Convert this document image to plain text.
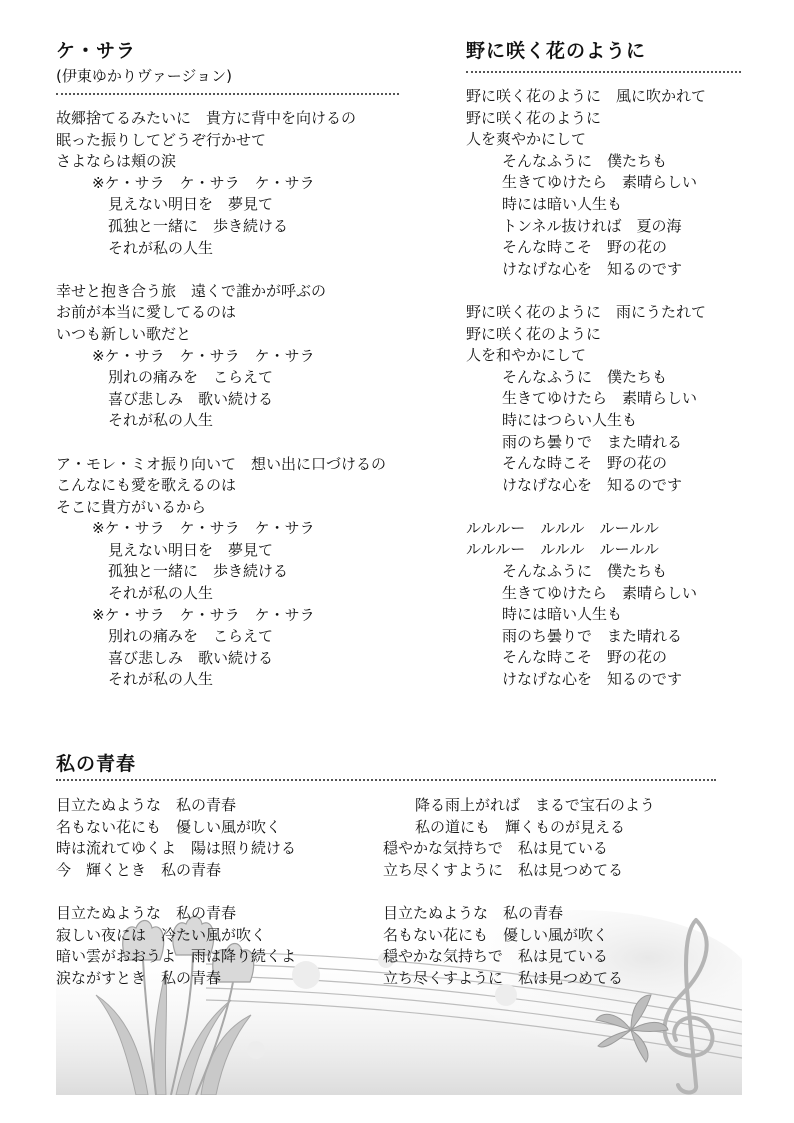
ケ・サラ
(伊東ゆかりヴァージョン)
故郷捨てるみたいに　貴方に背中を向けるの
眠った振りしてどうぞ行かせて
さよならは頬の涙
※ケ・サラ　ケ・サラ　ケ・サラ
見えない明日を　夢見て
孤独と一緒に　歩き続ける
それが私の人生
幸せと抱き合う旅　遠くで誰かが呼ぶの
お前が本当に愛してるのは
いつも新しい歌だと
※ケ・サラ　ケ・サラ　ケ・サラ
別れの痛みを　こらえて
喜び悲しみ　歌い続ける
それが私の人生
ア・モレ・ミオ振り向いて　想い出に口づけるの
こんなにも愛を歌えるのは
そこに貴方がいるから
※ケ・サラ　ケ・サラ　ケ・サラ
見えない明日を　夢見て
孤独と一緒に　歩き続ける
それが私の人生
※ケ・サラ　ケ・サラ　ケ・サラ
別れの痛みを　こらえて
喜び悲しみ　歌い続ける
それが私の人生
野に咲く花のように
野に咲く花のように　風に吹かれて
野に咲く花のように
人を爽やかにして
そんなふうに　僕たちも
生きてゆけたら　素晴らしい
時には暗い人生も
トンネル抜ければ　夏の海
そんな時こそ　野の花の
けなげな心を　知るのです
野に咲く花のように　雨にうたれて
野に咲く花のように
人を和やかにして
そんなふうに　僕たちも
生きてゆけたら　素晴らしい
時にはつらい人生も
雨のち曇りで　また晴れる
そんな時こそ　野の花の
けなげな心を　知るのです
ルルルー　ルルル　ルールル
ルルルー　ルルル　ルールル
そんなふうに　僕たちも
生きてゆけたら　素晴らしい
時には暗い人生も
雨のち曇りで　また晴れる
そんな時こそ　野の花の
けなげな心を　知るのです
私の青春
目立たぬような　私の青春
名もない花にも　優しい風が吹く
時は流れてゆくよ　陽は照り続ける
今　輝くとき　私の青春
目立たぬような　私の青春
寂しい夜には　冷たい風が吹く
暗い雲がおおうよ　雨は降り続くよ
涙ながすとき　私の青春
降る雨上がれば　まるで宝石のよう
私の道にも　輝くものが見える
穏やかな気持ちで　私は見ている
立ち尽くすように　私は見つめてる
目立たぬような　私の青春
名もない花にも　優しい風が吹く
穏やかな気持ちで　私は見ている
立ち尽くすように　私は見つめてる
